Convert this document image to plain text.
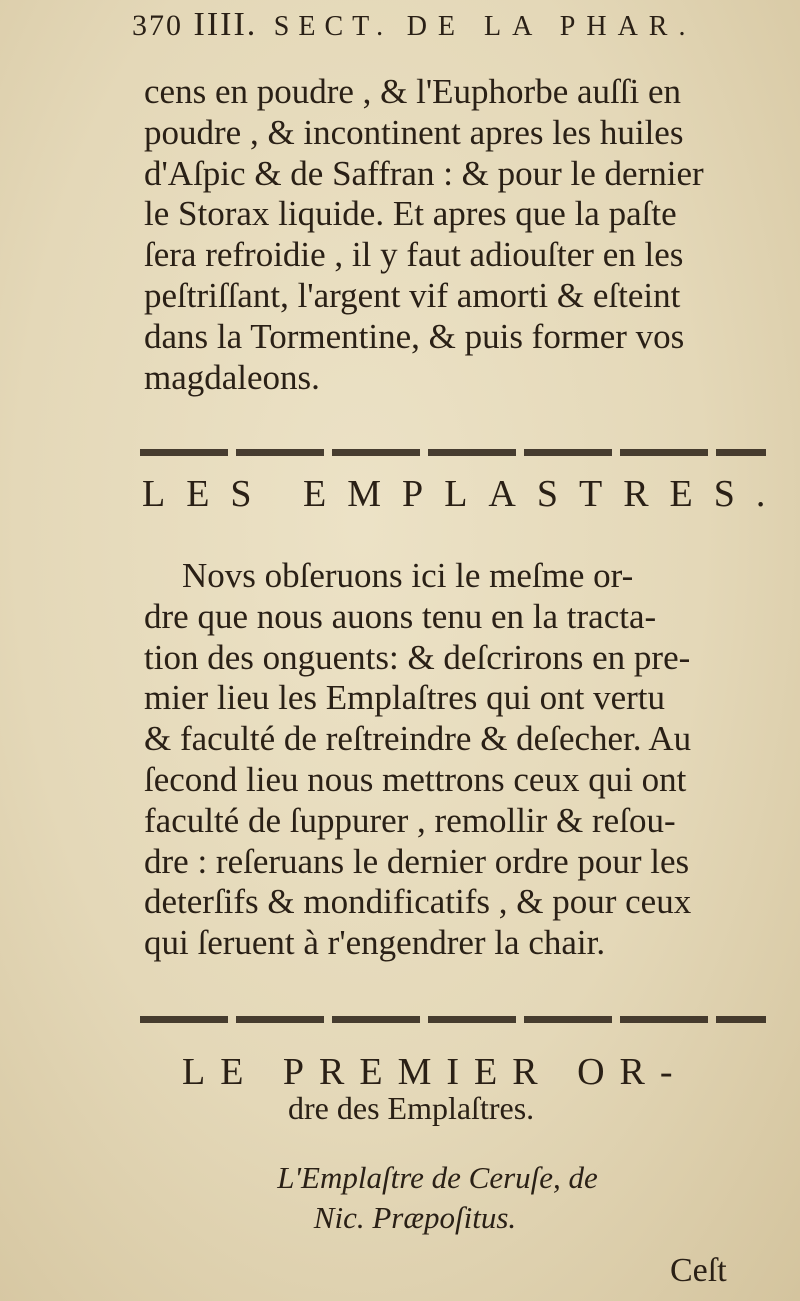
370 IIII. SECT. DE LA PHAR.
cens en poudre , & l'Euphorbe auſſi en
poudre , & incontinent apres les huiles
d'Aſpic & de Saffran : & pour le dernier
le Storax liquide. Et apres que la paſte
ſera refroidie , il y faut adiouſter en les
peſtriſſant, l'argent vif amorti & eſteint
dans la Tormentine, & puis former vos
magdaleons.
LES EMPLASTRES.
Novs obſeruons ici le meſme or-
dre que nous auons tenu en la tracta-
tion des onguents: & deſcrirons en pre-
mier lieu les Emplaſtres qui ont vertu
& faculté de reſtreindre & deſecher. Au
ſecond lieu nous mettrons ceux qui ont
faculté de ſuppurer , remollir & reſou-
dre : reſeruans le dernier ordre pour les
deterſifs & mondificatifs , & pour ceux
qui ſeruent à r'engendrer la chair.
LE PREMIER OR-
dre des Emplaſtres.
L'Emplaſtre de Ceruſe, de
Nic. Præpoſitus.
Ceſt
